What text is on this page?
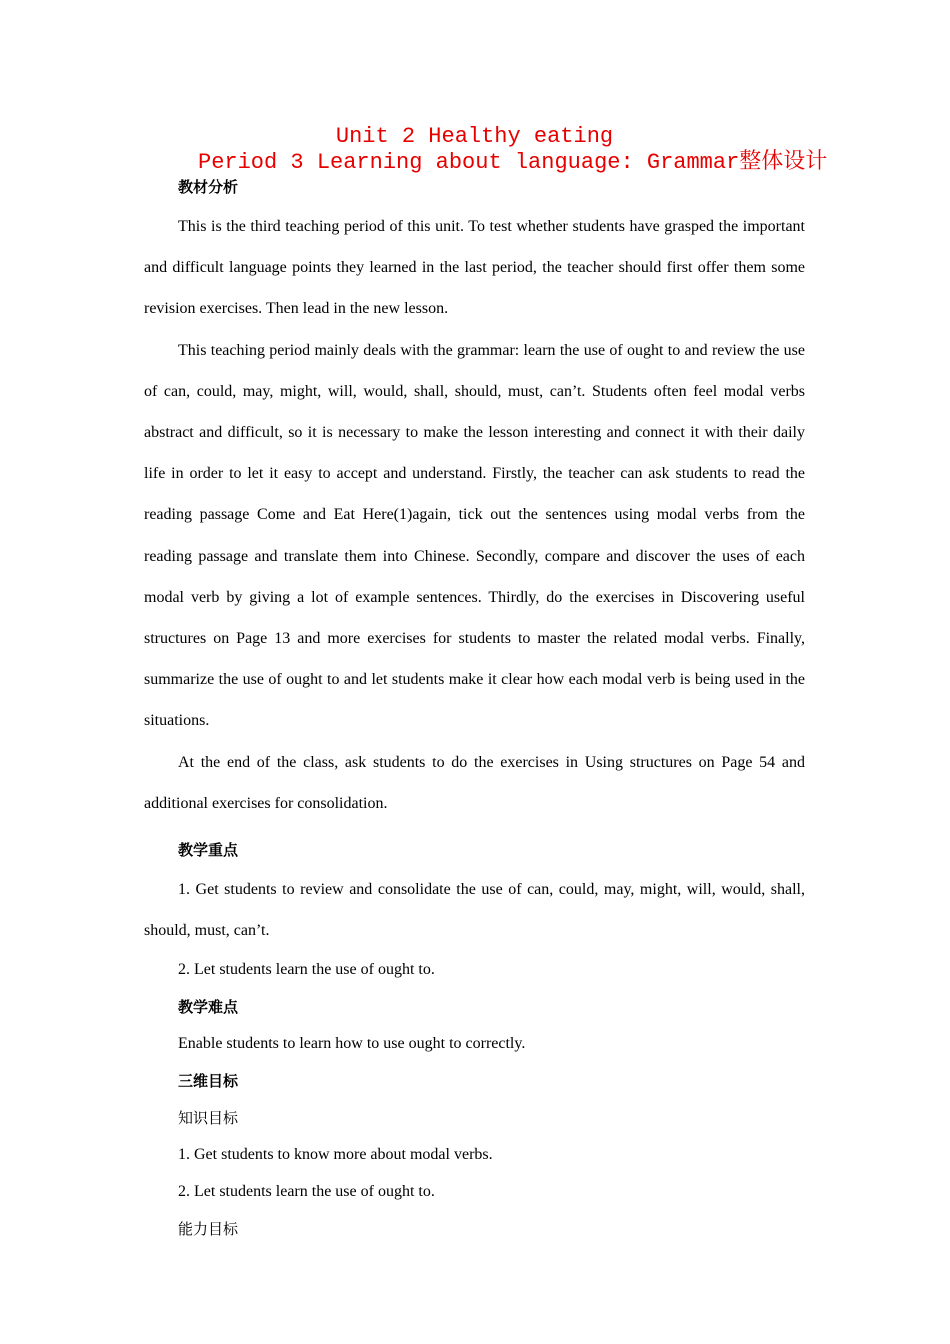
Unit 2 Healthy eating
Period 3 Learning about language: Grammar整体设计

教材分析

This is the third teaching period of this unit. To test whether students have grasped the important and difficult language points they learned in the last period, the teacher should first offer them some revision exercises. Then lead in the new lesson.

This teaching period mainly deals with the grammar: learn the use of ought to and review the use of can, could, may, might, will, would, shall, should, must, can’t. Students often feel modal verbs abstract and difficult, so it is necessary to make the lesson interesting and connect it with their daily life in order to let it easy to accept and understand. Firstly, the teacher can ask students to read the reading passage Come and Eat Here(1)again, tick out the sentences using modal verbs from the reading passage and translate them into Chinese. Secondly, compare and discover the uses of each modal verb by giving a lot of example sentences. Thirdly, do the exercises in Discovering useful structures on Page 13 and more exercises for students to master the related modal verbs. Finally, summarize the use of ought to and let students make it clear how each modal verb is being used in the situations.

At the end of the class, ask students to do the exercises in Using structures on Page 54 and additional exercises for consolidation.

教学重点

1. Get students to review and consolidate the use of can, could, may, might, will, would, shall, should, must, can’t.

2. Let students learn the use of ought to.

教学难点

Enable students to learn how to use ought to correctly.

三维目标

知识目标

1. Get students to know more about modal verbs.

2. Let students learn the use of ought to.

能力目标
